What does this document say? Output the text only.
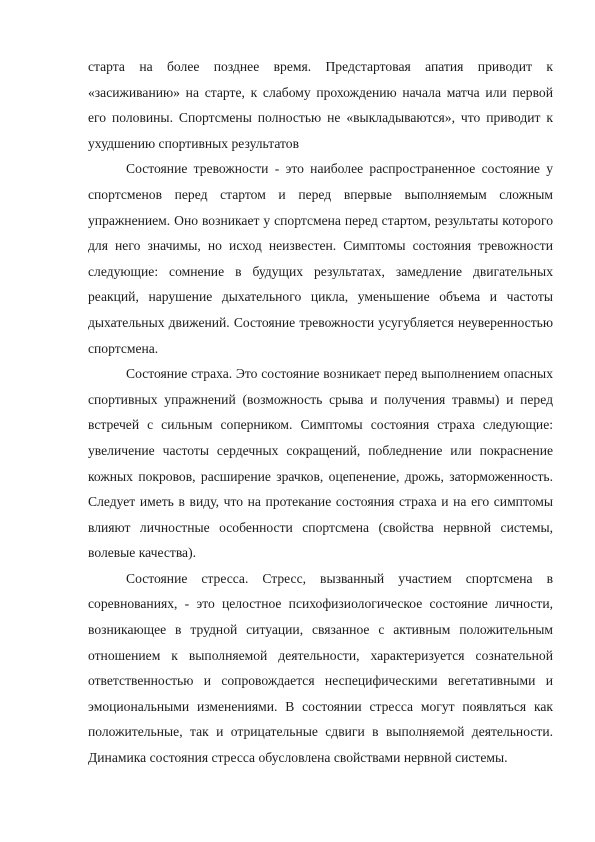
старта на более позднее время. Предстартовая апатия приводит к «засиживанию» на старте, к слабому прохождению начала матча или первой его половины. Спортсмены полностью не «выкладываются», что приводит к ухудшению спортивных результатов

Состояние тревожности - это наиболее распространенное состояние у спортсменов перед стартом и перед впервые выполняемым сложным упражнением. Оно возникает у спортсмена перед стартом, результаты которого для него значимы, но исход неизвестен. Симптомы состояния тревожности следующие: сомнение в будущих результатах, замедление двигательных реакций, нарушение дыхательного цикла, уменьшение объема и частоты дыхательных движений. Состояние тревожности усугубляется неуверенностью спортсмена.

Состояние страха. Это состояние возникает перед выполнением опасных спортивных упражнений (возможность срыва и получения травмы) и перед встречей с сильным соперником. Симптомы состояния страха следующие: увеличение частоты сердечных сокращений, побледнение или покраснение кожных покровов, расширение зрачков, оцепенение, дрожь, заторможенность. Следует иметь в виду, что на протекание состояния страха и на его симптомы влияют личностные особенности спортсмена (свойства нервной системы, волевые качества).

Состояние стресса. Стресс, вызванный участием спортсмена в соревнованиях, - это целостное психофизиологическое состояние личности, возникающее в трудной ситуации, связанное с активным положительным отношением к выполняемой деятельности, характеризуется сознательной ответственностью и сопровождается неспецифическими вегетативными и эмоциональными изменениями. В состоянии стресса могут появляться как положительные, так и отрицательные сдвиги в выполняемой деятельности. Динамика состояния стресса обусловлена свойствами нервной системы.
